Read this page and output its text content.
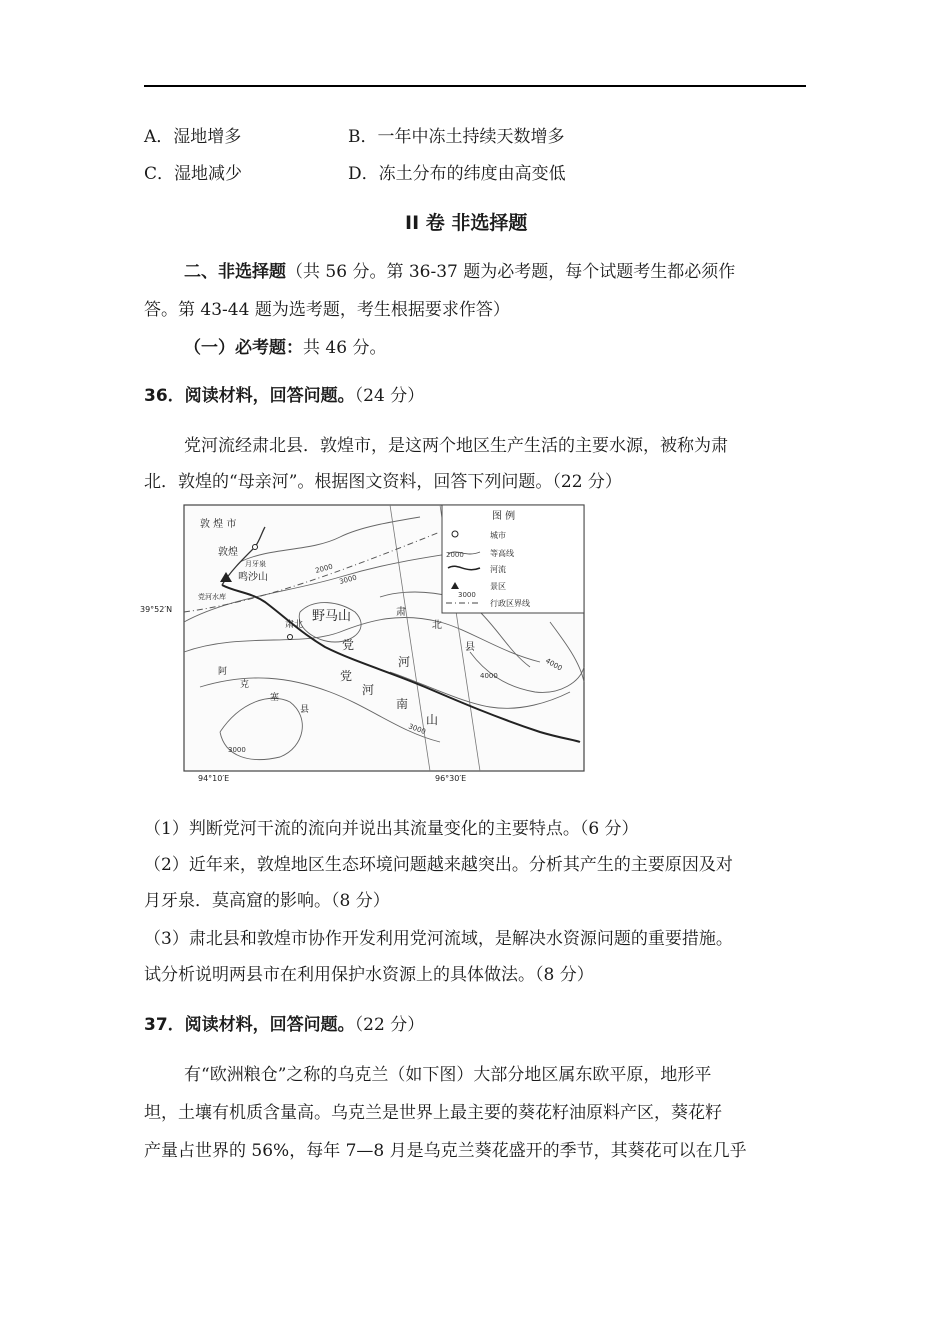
A．湿地增多	B．一年中冻土持续天数增多
C．湿地减少	D．冻土分布的纬度由高变低
II 卷 非选择题
二、非选择题（共 56 分。第 36-37 题为必考题，每个试题考生都必须作
答。第 43-44 题为选考题，考生根据要求作答）
（一）必考题：共 46 分。
36．阅读材料，回答问题。（24 分）
党河流经肃北县．敦煌市，是这两个地区生产生活的主要水源，被称为肃
北．敦煌的“母亲河”。根据图文资料，回答下列问题。（22 分）
图 例
城市
2000	等高线
河流
景区
行政区界线
敦 煌 市
敦煌
月牙泉
鸣沙山
党河水库
肃北
野马山	肃
北
县
阿
克
塞
县
党
河
南
山
党
河
2000
3000
3000
4000
4000
3000
3000
39°52′N
94°10′E	96°30′E
（1）判断党河干流的流向并说出其流量变化的主要特点。（6 分）
（2）近年来，敦煌地区生态环境问题越来越突出。分析其产生的主要原因及对
月牙泉．莫高窟的影响。（8 分）
（3）肃北县和敦煌市协作开发利用党河流域，是解决水资源问题的重要措施。
试分析说明两县市在利用保护水资源上的具体做法。（8 分）
37．阅读材料，回答问题。（22 分）
有“欧洲粮仓”之称的乌克兰（如下图）大部分地区属东欧平原，地形平
坦，土壤有机质含量高。乌克兰是世界上最主要的葵花籽油原料产区，葵花籽
产量占世界的 56%，每年 7—8 月是乌克兰葵花盛开的季节，其葵花可以在几乎
